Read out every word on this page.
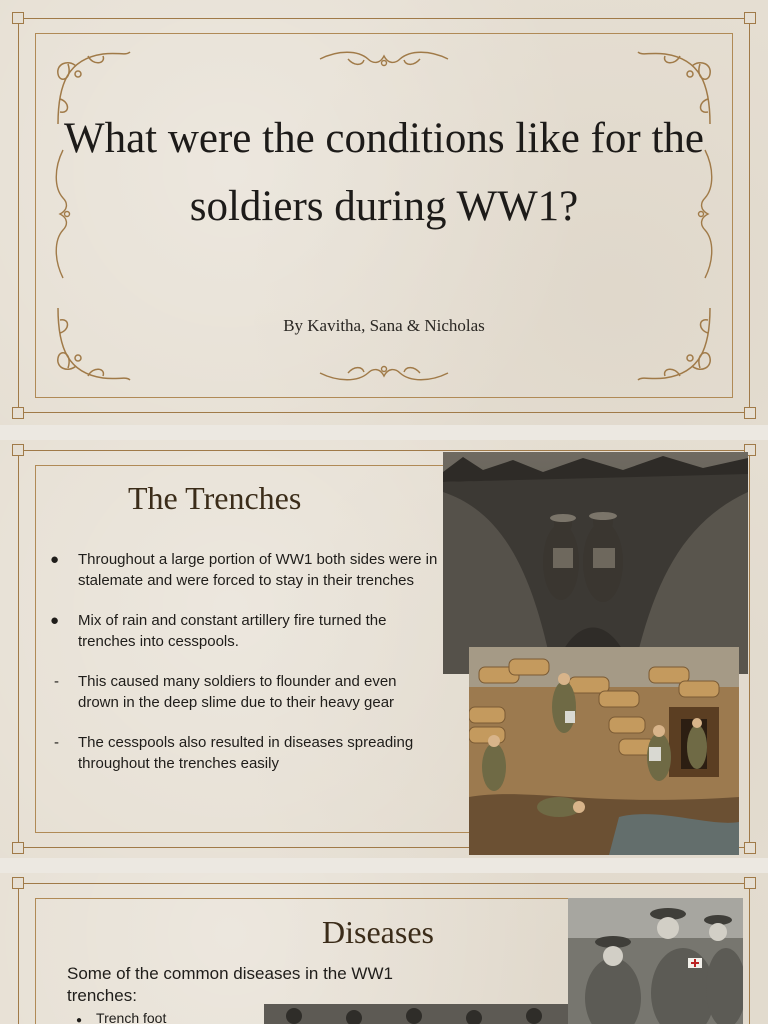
What were the conditions like for the soldiers during WW1?
By Kavitha, Sana & Nicholas
The Trenches
●	Throughout a large portion of WW1 both sides were in stalemate and were forced to stay in their trenches
●	Mix of rain and constant artillery fire turned the trenches into cesspools.
-	This caused many soldiers to flounder and even drown in the deep slime due to their heavy gear
-	The cesspools also resulted in diseases spreading throughout the trenches easily
Diseases
Some of the common diseases in the WW1 trenches:
● Trench foot
